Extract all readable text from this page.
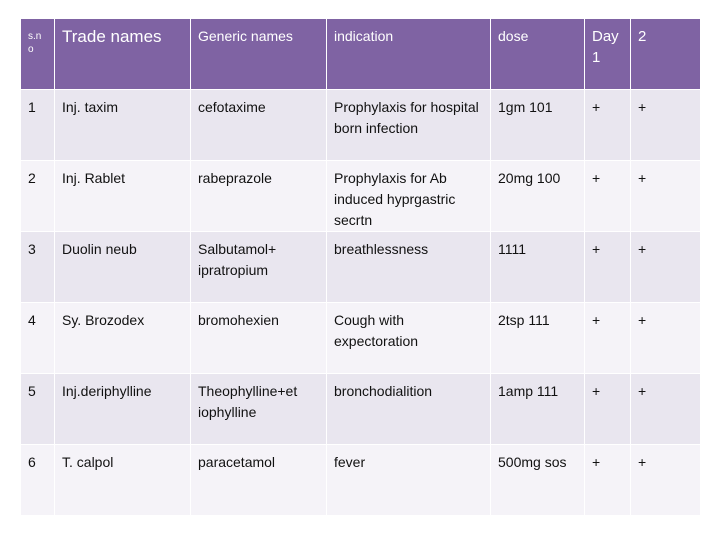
s.n o	Trade names	Generic names	indication	dose	Day 1	2
1	Inj. taxim	cefotaxime	Prophylaxis for hospital born infection	1gm 101	+	+
2	Inj. Rablet	rabeprazole	Prophylaxis for Ab induced hyprgastric secrtn	20mg 100	+	+
3	Duolin neub	Salbutamol+ ipratropium	breathlessness	1111	+	+
4	Sy. Brozodex	bromohexien	Cough with expectoration	2tsp 111	+	+
5	Inj.deriphylline	Theophylline+et iophylline	bronchodialition	1amp 111	+	+
6	T. calpol	paracetamol	fever	500mg sos	+	+
